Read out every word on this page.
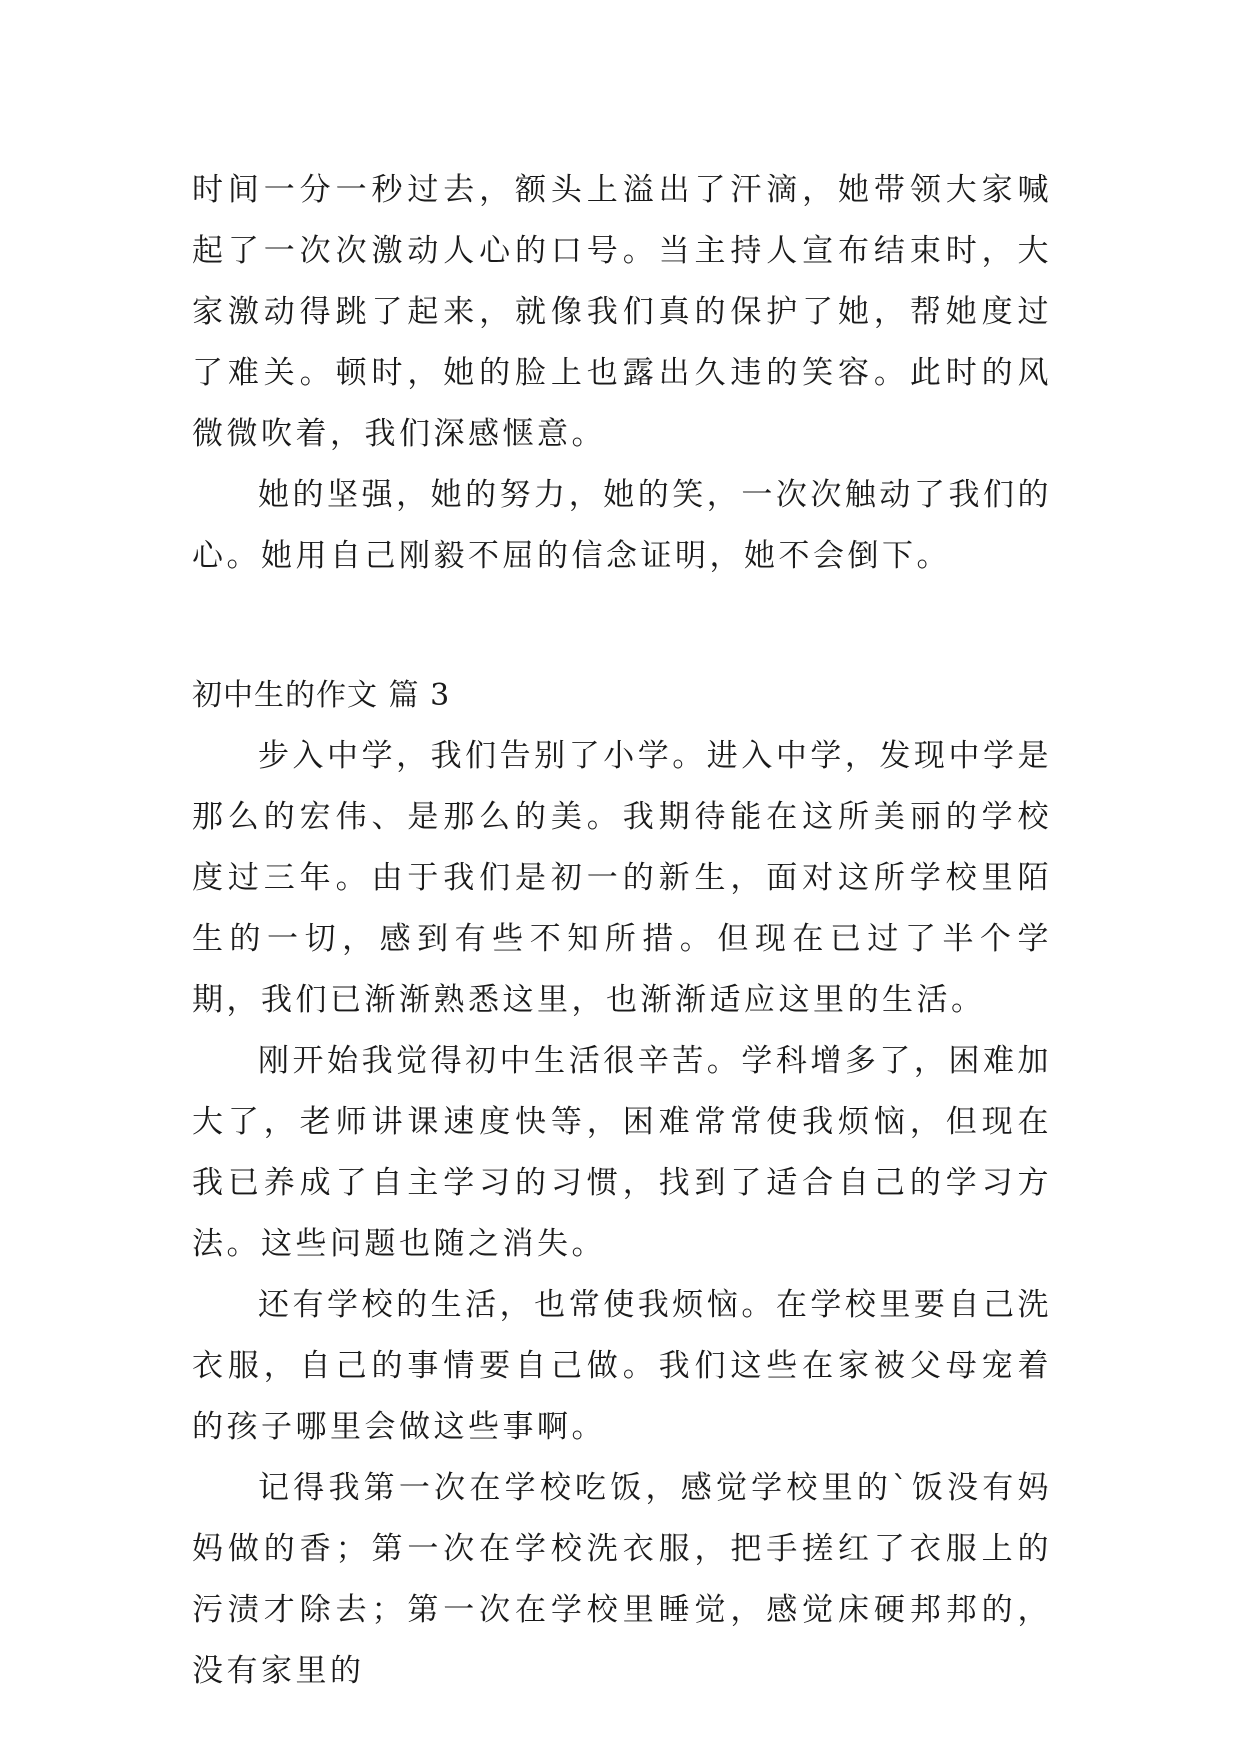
时间一分一秒过去，额头上溢出了汗滴，她带领大家喊起了一次次激动人心的口号。当主持人宣布结束时，大家激动得跳了起来，就像我们真的保护了她，帮她度过了难关。顿时，她的脸上也露出久违的笑容。此时的风微微吹着，我们深感惬意。

她的坚强，她的努力，她的笑，一次次触动了我们的心。她用自己刚毅不屈的信念证明，她不会倒下。

初中生的作文 篇 3

步入中学，我们告别了小学。进入中学，发现中学是那么的宏伟、是那么的美。我期待能在这所美丽的学校度过三年。由于我们是初一的新生，面对这所学校里陌生的一切，感到有些不知所措。但现在已过了半个学期，我们已渐渐熟悉这里，也渐渐适应这里的生活。

刚开始我觉得初中生活很辛苦。学科增多了，困难加大了，老师讲课速度快等，困难常常使我烦恼，但现在我已养成了自主学习的习惯，找到了适合自己的学习方法。这些问题也随之消失。

还有学校的生活，也常使我烦恼。在学校里要自己洗衣服，自己的事情要自己做。我们这些在家被父母宠着的孩子哪里会做这些事啊。

记得我第一次在学校吃饭，感觉学校里的`饭没有妈妈做的香；第一次在学校洗衣服，把手搓红了衣服上的污渍才除去；第一次在学校里睡觉，感觉床硬邦邦的，没有家里的
